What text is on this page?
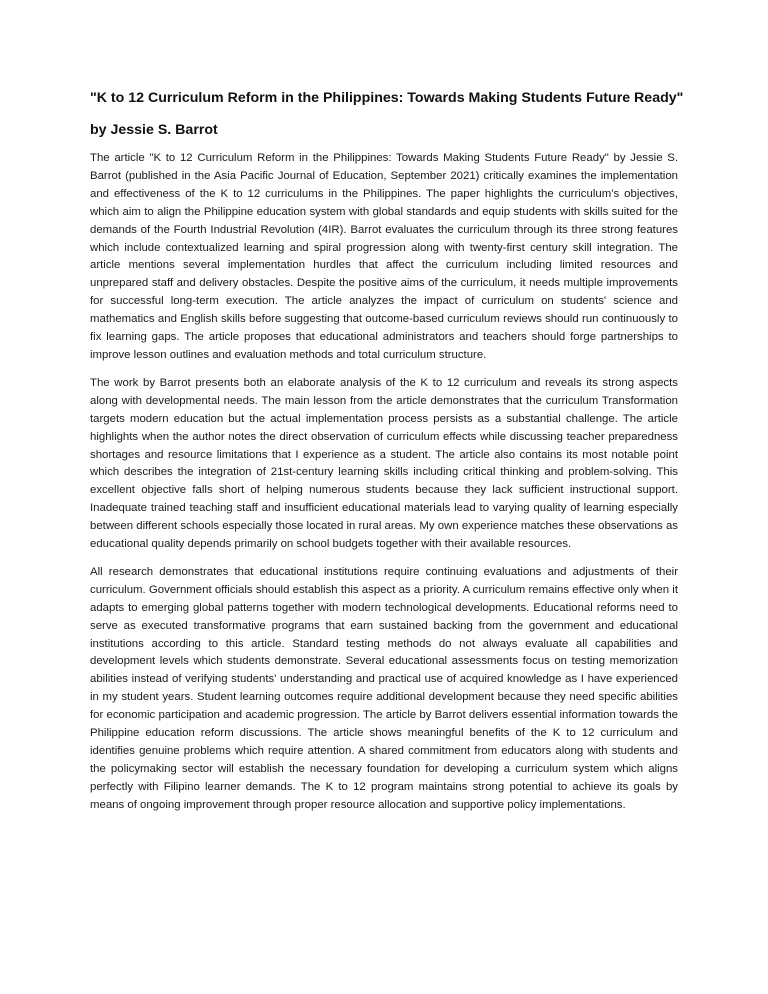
"K to 12 Curriculum Reform in the Philippines: Towards Making Students Future Ready"
by Jessie S. Barrot

The article "K to 12 Curriculum Reform in the Philippines: Towards Making Students Future Ready" by Jessie S. Barrot (published in the Asia Pacific Journal of Education, September 2021) critically examines the implementation and effectiveness of the K to 12 curriculums in the Philippines. The paper highlights the curriculum’s objectives, which aim to align the Philippine education system with global standards and equip students with skills suited for the demands of the Fourth Industrial Revolution (4IR). Barrot evaluates the curriculum through its three strong features which include contextualized learning and spiral progression along with twenty-first century skill integration. The article mentions several implementation hurdles that affect the curriculum including limited resources and unprepared staff and delivery obstacles. Despite the positive aims of the curriculum, it needs multiple improvements for successful long-term execution. The article analyzes the impact of curriculum on students' science and mathematics and English skills before suggesting that outcome-based curriculum reviews should run continuously to fix learning gaps. The article proposes that educational administrators and teachers should forge partnerships to improve lesson outlines and evaluation methods and total curriculum structure.

The work by Barrot presents both an elaborate analysis of the K to 12 curriculum and reveals its strong aspects along with developmental needs. The main lesson from the article demonstrates that the curriculum Transformation targets modern education but the actual implementation process persists as a substantial challenge. The article highlights when the author notes the direct observation of curriculum effects while discussing teacher preparedness shortages and resource limitations that I experience as a student. The article also contains its most notable point which describes the integration of 21st-century learning skills including critical thinking and problem-solving. This excellent objective falls short of helping numerous students because they lack sufficient instructional support. Inadequate trained teaching staff and insufficient educational materials lead to varying quality of learning especially between different schools especially those located in rural areas. My own experience matches these observations as educational quality depends primarily on school budgets together with their available resources.

All research demonstrates that educational institutions require continuing evaluations and adjustments of their curriculum. Government officials should establish this aspect as a priority. A curriculum remains effective only when it adapts to emerging global patterns together with modern technological developments. Educational reforms need to serve as executed transformative programs that earn sustained backing from the government and educational institutions according to this article. Standard testing methods do not always evaluate all capabilities and development levels which students demonstrate. Several educational assessments focus on testing memorization abilities instead of verifying students' understanding and practical use of acquired knowledge as I have experienced in my student years. Student learning outcomes require additional development because they need specific abilities for economic participation and academic progression. The article by Barrot delivers essential information towards the Philippine education reform discussions. The article shows meaningful benefits of the K to 12 curriculum and identifies genuine problems which require attention. A shared commitment from educators along with students and the policymaking sector will establish the necessary foundation for developing a curriculum system which aligns perfectly with Filipino learner demands. The K to 12 program maintains strong potential to achieve its goals by means of ongoing improvement through proper resource allocation and supportive policy implementations.
